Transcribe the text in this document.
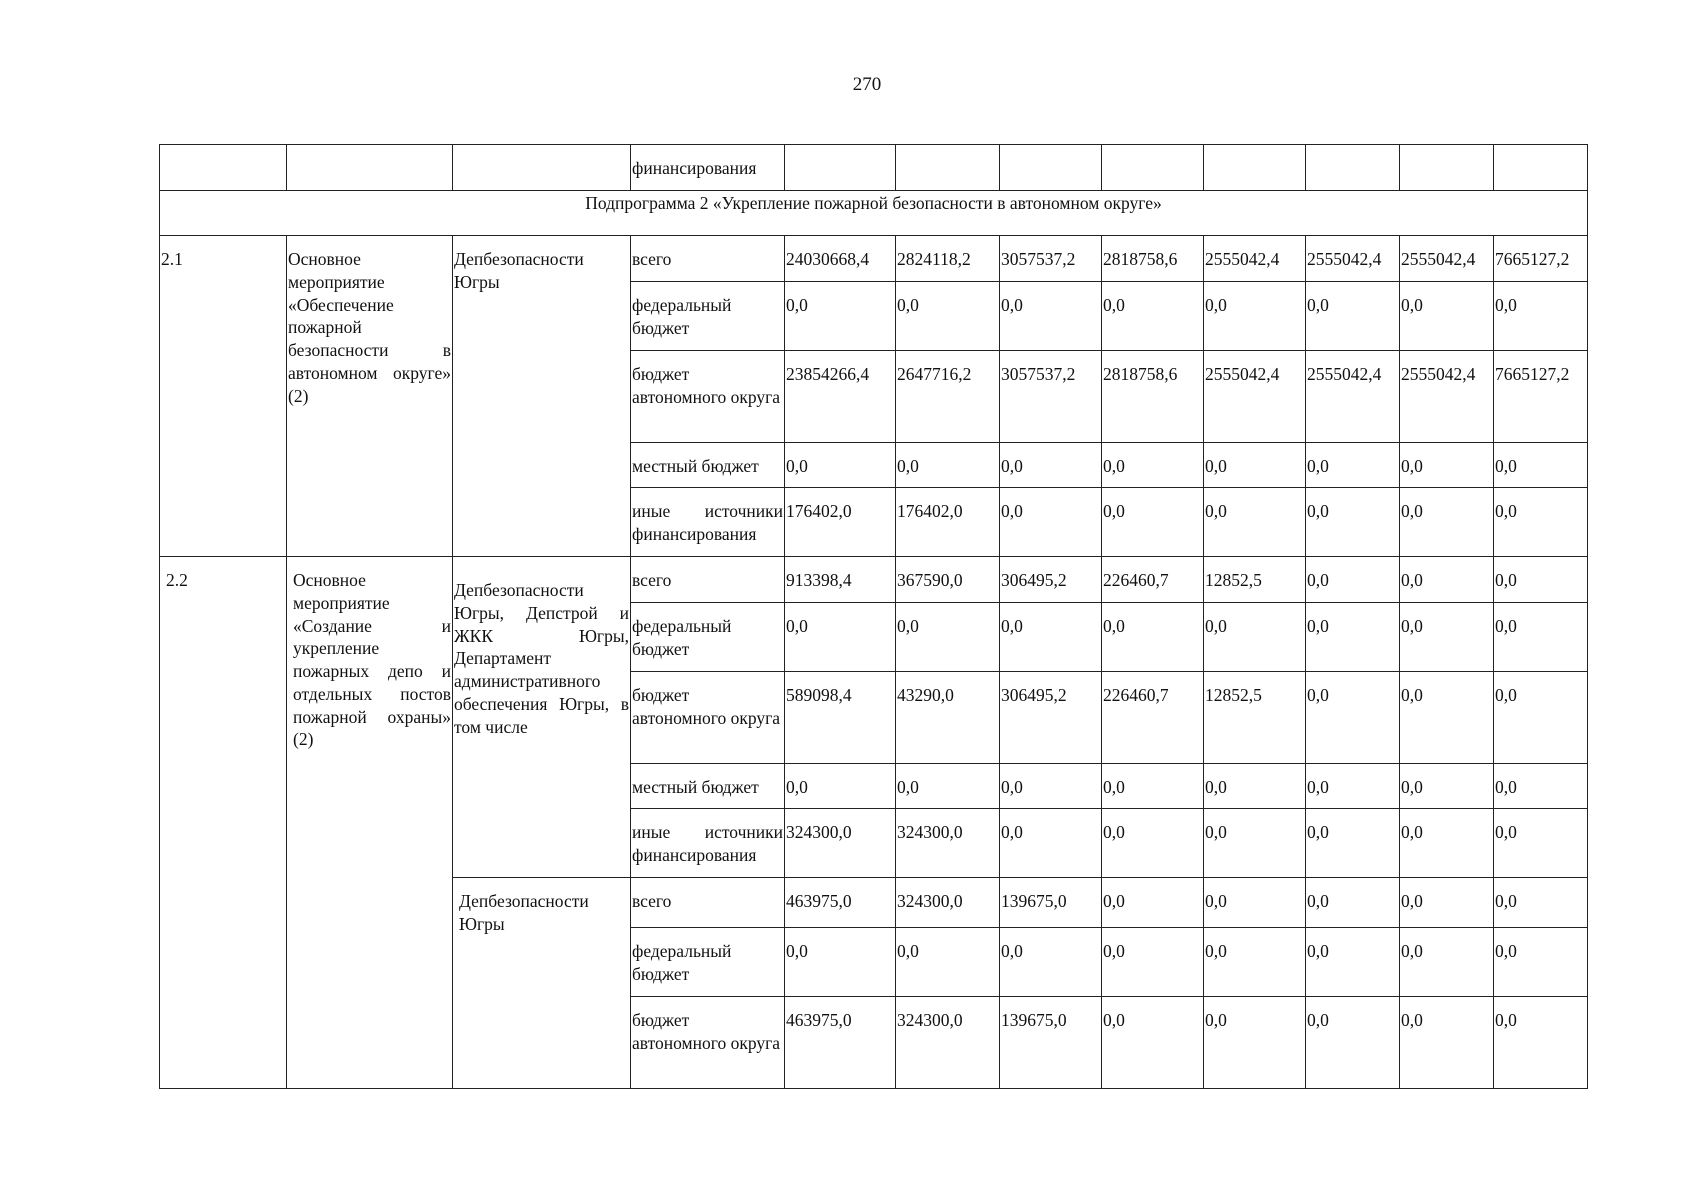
270
			финансирования								
Подпрограмма 2 «Укрепление пожарной безопасности в автономном округе»											
2.1	Основное мероприятие «Обеспечение пожарной безопасности в автономном округе» (2)	Депбезопасности Югры	всего	24030668,4	2824118,2	3057537,2	2818758,6	2555042,4	2555042,4	2555042,4	7665127,2
			федеральный бюджет	0,0	0,0	0,0	0,0	0,0	0,0	0,0	0,0
			бюджет автономного округа	23854266,4	2647716,2	3057537,2	2818758,6	2555042,4	2555042,4	2555042,4	7665127,2
			местный бюджет	0,0	0,0	0,0	0,0	0,0	0,0	0,0	0,0
			иные источники финансирования	176402,0	176402,0	0,0	0,0	0,0	0,0	0,0	0,0
2.2	Основное мероприятие «Создание и укрепление пожарных депо и отдельных постов пожарной охраны» (2)	Депбезопасности Югры, Депстрой и ЖКК Югры, Департамент административного обеспечения Югры, в том числе	всего	913398,4	367590,0	306495,2	226460,7	12852,5	0,0	0,0	0,0
			федеральный бюджет	0,0	0,0	0,0	0,0	0,0	0,0	0,0	0,0
			бюджет автономного округа	589098,4	43290,0	306495,2	226460,7	12852,5	0,0	0,0	0,0
			местный бюджет	0,0	0,0	0,0	0,0	0,0	0,0	0,0	0,0
			иные источники финансирования	324300,0	324300,0	0,0	0,0	0,0	0,0	0,0	0,0
		Депбезопасности Югры	всего	463975,0	324300,0	139675,0	0,0	0,0	0,0	0,0	0,0
			федеральный бюджет	0,0	0,0	0,0	0,0	0,0	0,0	0,0	0,0
			бюджет автономного округа	463975,0	324300,0	139675,0	0,0	0,0	0,0	0,0	0,0
